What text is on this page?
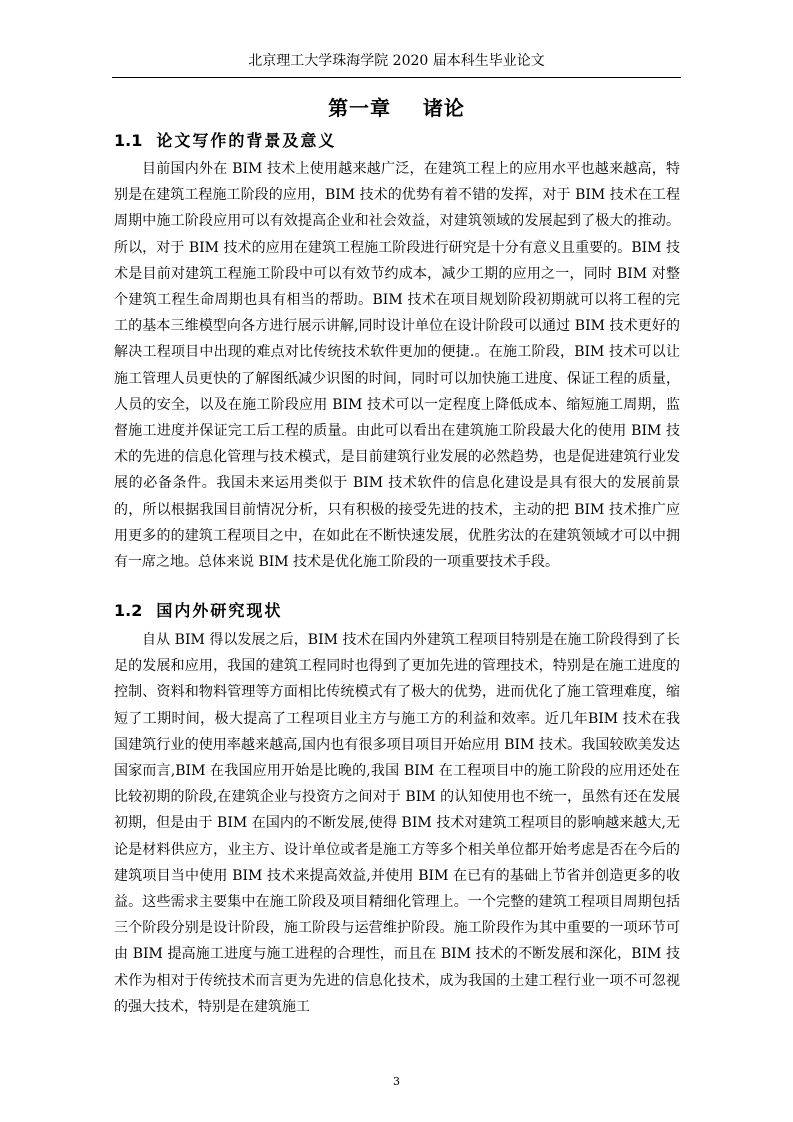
北京理工大学珠海学院 2020 届本科生毕业论文
第一章    诸论
1.1 论文写作的背景及意义
目前国内外在 BIM 技术上使用越来越广泛，在建筑工程上的应用水平也越来越高，特别是在建筑工程施工阶段的应用，BIM 技术的优势有着不错的发挥，对于 BIM 技术在工程周期中施工阶段应用可以有效提高企业和社会效益，对建筑领域的发展起到了极大的推动。 所以，对于 BIM 技术的应用在建筑工程施工阶段进行研究是十分有意义且重要的。BIM 技术是目前对建筑工程施工阶段中可以有效节约成本，减少工期的应用之一，同时 BIM 对整个建筑工程生命周期也具有相当的帮助。BIM 技术在项目规划阶段初期就可以将工程的完工的基本三维模型向各方进行展示讲解,同时设计单位在设计阶段可以通过 BIM 技术更好的解决工程项目中出现的难点对比传统技术软件更加的便捷.。在施工阶段，BIM 技术可以让施工管理人员更快的了解图纸减少识图的时间，同时可以加快施工进度、保证工程的质量，人员的安全，以及在施工阶段应用 BIM 技术可以一定程度上降低成本、缩短施工周期，监督施工进度并保证完工后工程的质量。由此可以看出在建筑施工阶段最大化的使用 BIM 技术的先进的信息化管理与技术模式，是目前建筑行业发展的必然趋势，也是促进建筑行业发展的必备条件。我国未来运用类似于 BIM 技术软件的信息化建设是具有很大的发展前景的，所以根据我国目前情况分析，只有积极的接受先进的技术，主动的把 BIM 技术推广应用更多的的建筑工程项目之中，在如此在不断快速发展，优胜劣汰的在建筑领域才可以中拥有一席之地。总体来说 BIM 技术是优化施工阶段的一项重要技术手段。
1.2 国内外研究现状
自从 BIM 得以发展之后，BIM 技术在国内外建筑工程项目特别是在施工阶段得到了长足的发展和应用，我国的建筑工程同时也得到了更加先进的管理技术，特别是在施工进度的控制、资料和物料管理等方面相比传统模式有了极大的优势，进而优化了施工管理难度，缩短了工期时间，极大提高了工程项目业主方与施工方的利益和效率。近几年BIM 技术在我国建筑行业的使用率越来越高,国内也有很多项目项目开始应用 BIM 技术。我国较欧美发达国家而言,BIM 在我国应用开始是比晚的,我国 BIM 在工程项目中的施工阶段的应用还处在比较初期的阶段,在建筑企业与投资方之间对于 BIM 的认知使用也不统一，虽然有还在发展初期，但是由于 BIM 在国内的不断发展,使得 BIM 技术对建筑工程项目的影响越来越大,无论是材料供应方，业主方、设计单位或者是施工方等多个相关单位都开始考虑是否在今后的建筑项目当中使用 BIM 技术来提高效益,并使用 BIM 在已有的基础上节省并创造更多的收益。这些需求主要集中在施工阶段及项目精细化管理上。一个完整的建筑工程项目周期包括三个阶段分别是设计阶段，施工阶段与运营维护阶段。施工阶段作为其中重要的一项环节可由 BIM 提高施工进度与施工进程的合理性，而且在 BIM 技术的不断发展和深化，BIM 技术作为相对于传统技术而言更为先进的信息化技术，成为我国的土建工程行业一项不可忽视的强大技术，特别是在建筑施工
3
